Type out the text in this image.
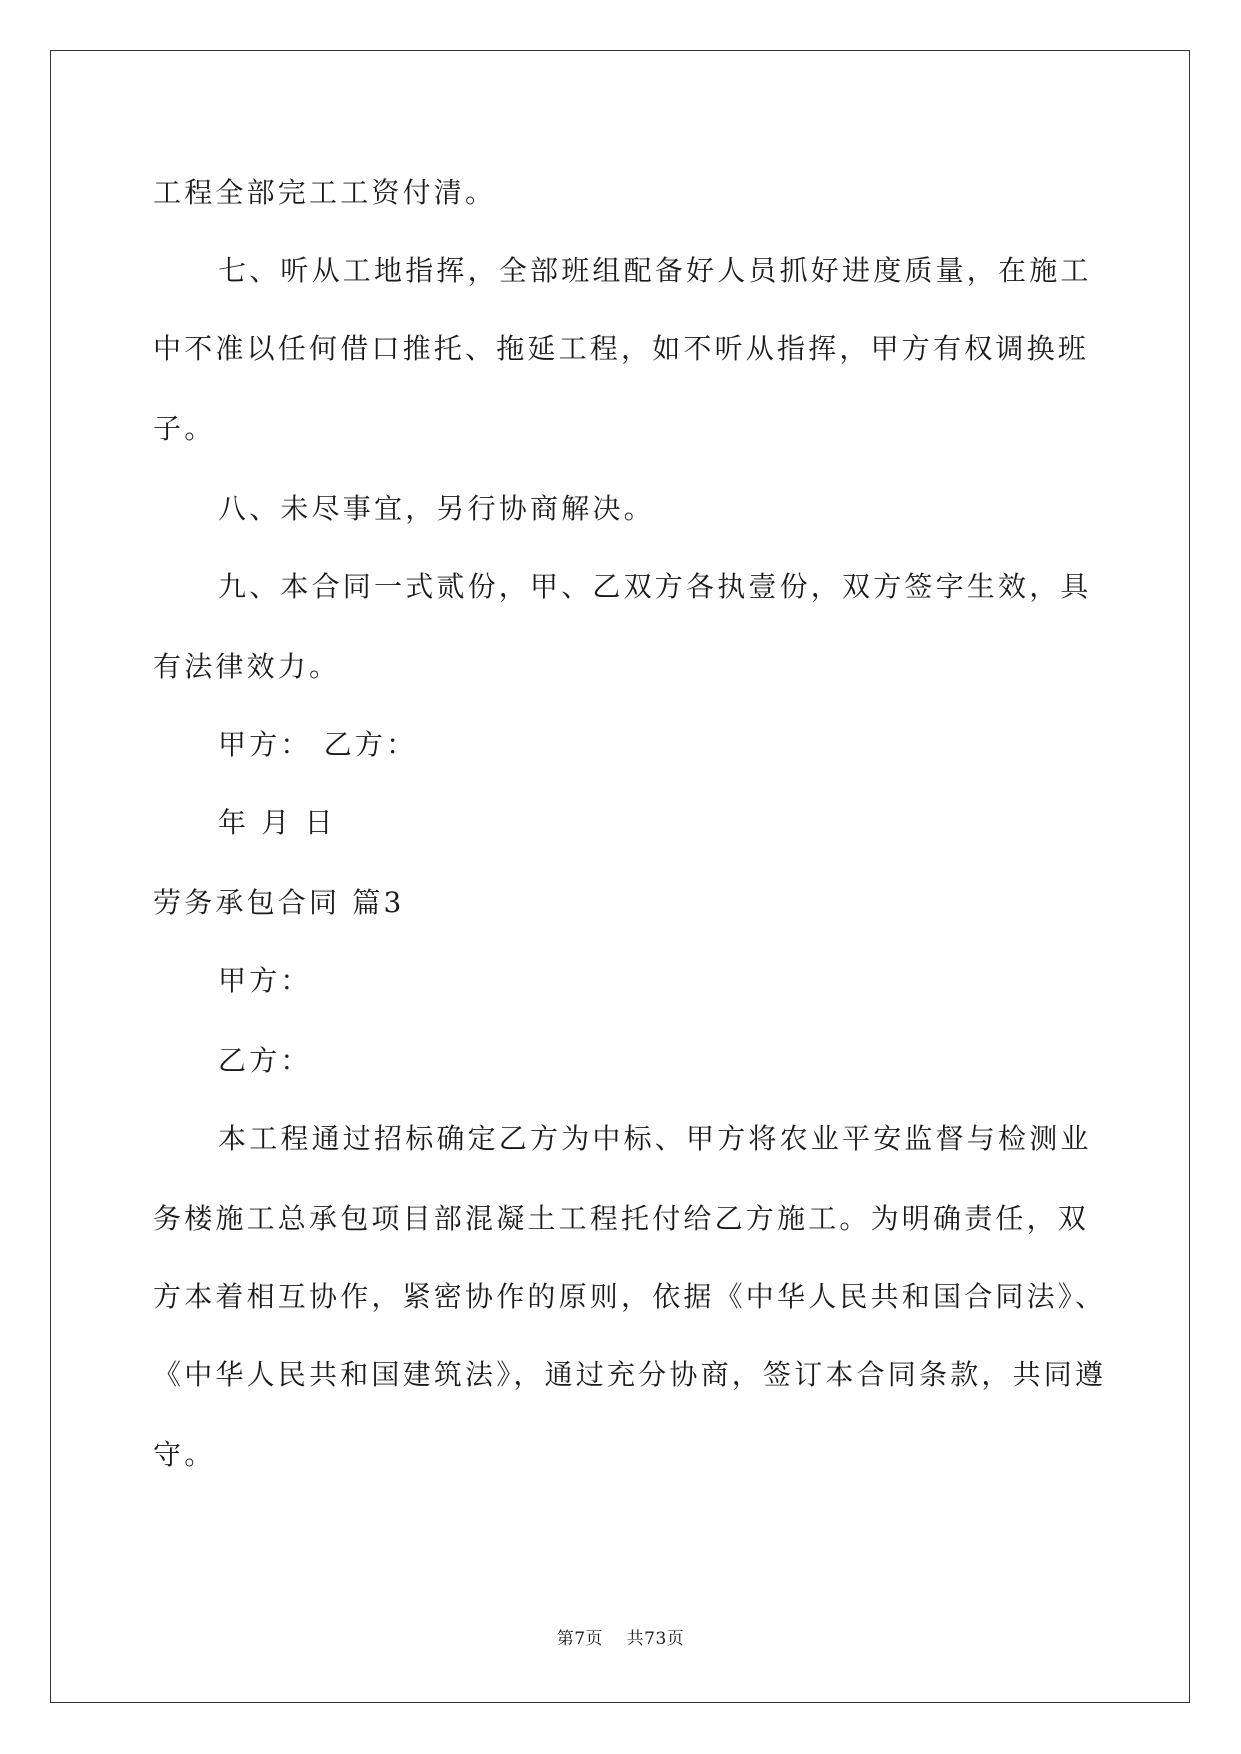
工程全部完工工资付清。

七、听从工地指挥，全部班组配备好人员抓好进度质量，在施工

中不准以任何借口推托、拖延工程，如不听从指挥，甲方有权调换班

子。

八、未尽事宜，另行协商解决。

九、本合同一式贰份，甲、乙双方各执壹份，双方签字生效，具

有法律效力。

甲方： 乙方：

年 月 日

劳务承包合同 篇3

甲方：

乙方：

本工程通过招标确定乙方为中标、甲方将农业平安监督与检测业

务楼施工总承包项目部混凝土工程托付给乙方施工。为明确责任，双

方本着相互协作，紧密协作的原则，依据《中华人民共和国合同法》、

《中华人民共和国建筑法》，通过充分协商，签订本合同条款，共同遵

守。

第7页    共73页
